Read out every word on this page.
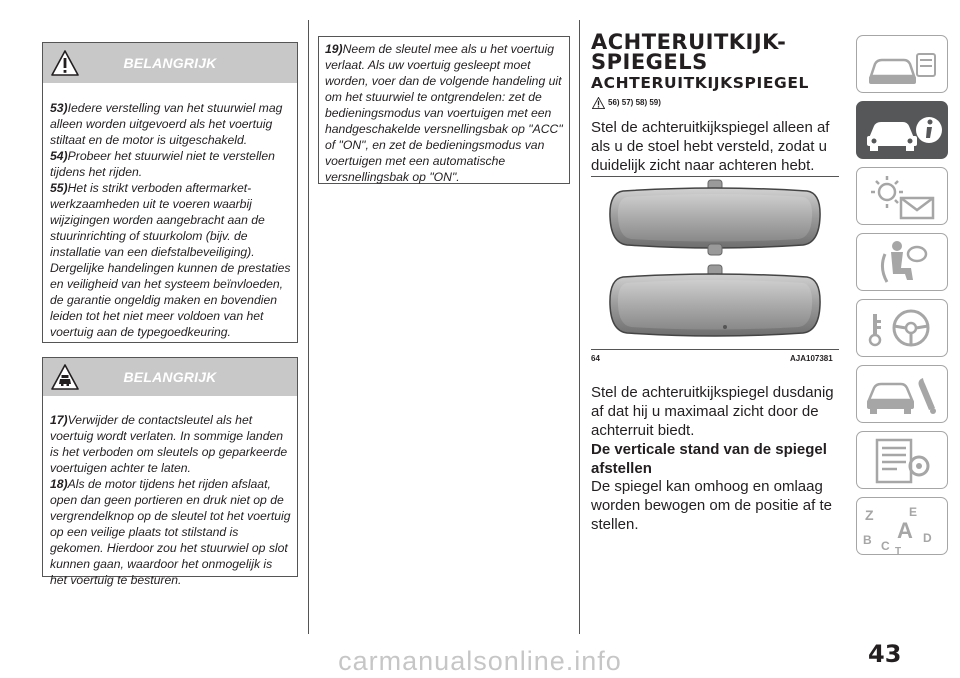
BELANGRIJK

53)Iedere verstelling van het stuurwiel mag alleen worden uitgevoerd als het voertuig stiltaat en de motor is uitgeschakeld.

54)Probeer het stuurwiel niet te verstellen tijdens het rijden.

55)Het is strikt verboden aftermarket-werkzaamheden uit te voeren waarbij wijzigingen worden aangebracht aan de stuurinrichting of stuurkolom (bijv. de installatie van een diefstalbeveiliging). Dergelijke handelingen kunnen de prestaties en veiligheid van het systeem beïnvloeden, de garantie ongeldig maken en bovendien leiden tot het niet meer voldoen van het voertuig aan de typegoedkeuring.

BELANGRIJK

17)Verwijder de contactsleutel als het voertuig wordt verlaten. In sommige landen is het verboden om sleutels op geparkeerde voertuigen achter te laten.

18)Als de motor tijdens het rijden afslaat, open dan geen portieren en druk niet op de vergrendelknop op de sleutel tot het voertuig op een veilige plaats tot stilstand is gekomen. Hierdoor zou het stuurwiel op slot kunnen gaan, waardoor het onmogelijk is het voertuig te besturen.

19)Neem de sleutel mee als u het voertuig verlaat. Als uw voertuig gesleept moet worden, voer dan de volgende handeling uit om het stuurwiel te ontgrendelen: zet de bedieningsmodus van voertuigen met een handgeschakelde versnellingsbak op "ACC" of "ON", en zet de bedieningsmodus van voertuigen met een automatische versnellingsbak op "ON".

ACHTERUITKIJK-
SPIEGELS
ACHTERUITKIJKSPIEGEL
56) 57) 58) 59)
Stel de achteruitkijkspiegel alleen af als u de stoel hebt versteld, zodat u duidelijk zicht naar achteren hebt.
64	AJA107381
Stel de achteruitkijkspiegel dusdanig af dat hij u maximaal zicht door de achterruit biedt.
De verticale stand van de spiegel afstellen
De spiegel kan omhoog en omlaag worden bewogen om de positie af te stellen.
Z	E
B C
A D
T
43
carmanualsonline.info
